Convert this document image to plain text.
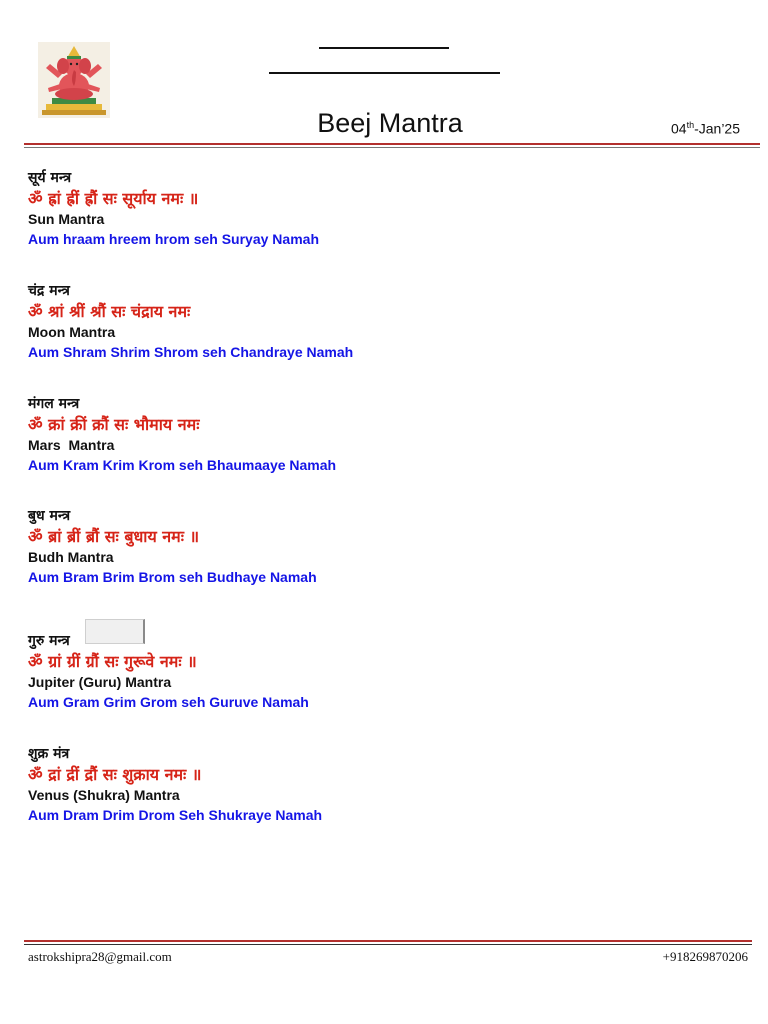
Beej Mantra	04th-Jan’25
सूर्य मन्त्र
ॐ ह्रां ह्रीं ह्रौं सः सूर्याय नमः ॥
Sun Mantra
Aum hraam hreem hrom seh Suryay Namah
चंद्र मन्त्र
ॐ श्रां श्रीं श्रौं सः चंद्राय नमः
Moon Mantra
Aum Shram Shrim Shrom seh Chandraye Namah
मंगल मन्त्र
ॐ क्रां क्रीं क्रौं सः भौमाय नमः
Mars  Mantra
Aum Kram Krim Krom seh Bhaumaaye Namah
बुध मन्त्र
ॐ ब्रां ब्रीं ब्रौं सः बुधाय नमः ॥
Budh Mantra
Aum Bram Brim Brom seh Budhaye Namah
गुरु मन्त्र
ॐ ग्रां ग्रीं ग्रौं सः गुरूवे नमः ॥
Jupiter (Guru) Mantra
Aum Gram Grim Grom seh Guruve Namah
शुक्र मंत्र
ॐ द्रां द्रीं द्रौं सः शुक्राय नमः ॥
Venus (Shukra) Mantra
Aum Dram Drim Drom Seh Shukraye Namah
astrokshipra28@gmail.com	+918269870206
